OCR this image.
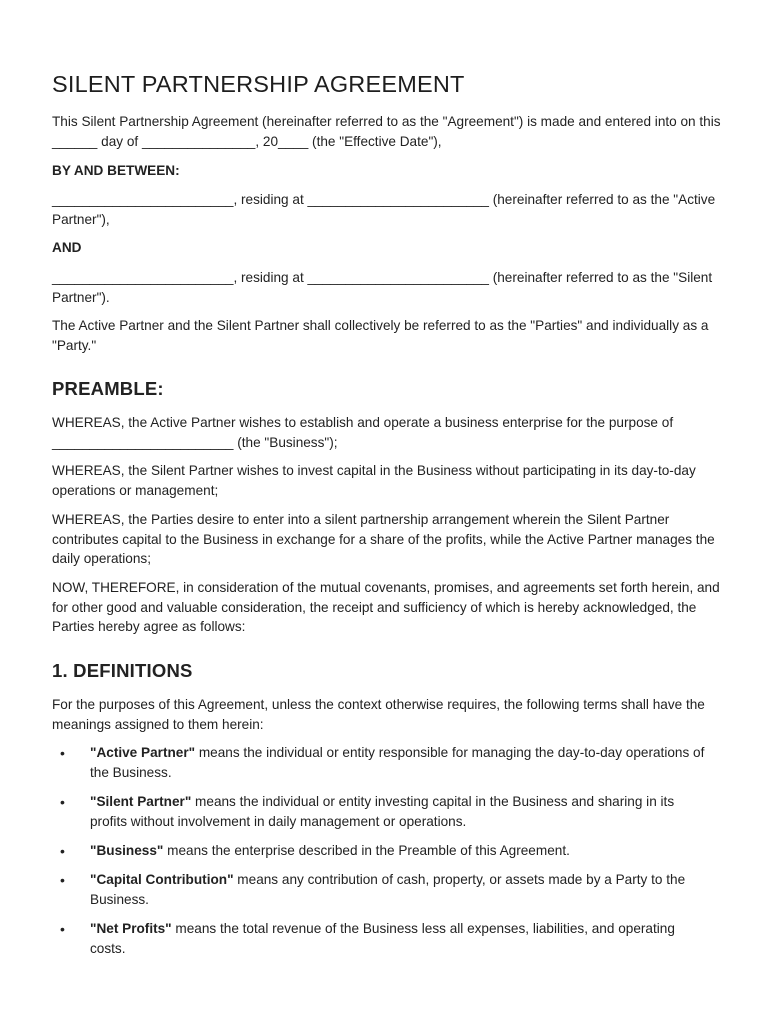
SILENT PARTNERSHIP AGREEMENT

This Silent Partnership Agreement (hereinafter referred to as the "Agreement") is made and entered into on this ______ day of _______________, 20____ (the "Effective Date"),

BY AND BETWEEN:

________________________, residing at ________________________ (hereinafter referred to as the "Active Partner"),

AND

________________________, residing at ________________________ (hereinafter referred to as the "Silent Partner").

The Active Partner and the Silent Partner shall collectively be referred to as the "Parties" and individually as a "Party."

PREAMBLE:

WHEREAS, the Active Partner wishes to establish and operate a business enterprise for the purpose of ________________________ (the "Business");

WHEREAS, the Silent Partner wishes to invest capital in the Business without participating in its day-to-day operations or management;

WHEREAS, the Parties desire to enter into a silent partnership arrangement wherein the Silent Partner contributes capital to the Business in exchange for a share of the profits, while the Active Partner manages the daily operations;

NOW, THEREFORE, in consideration of the mutual covenants, promises, and agreements set forth herein, and for other good and valuable consideration, the receipt and sufficiency of which is hereby acknowledged, the Parties hereby agree as follows:

1. DEFINITIONS

For the purposes of this Agreement, unless the context otherwise requires, the following terms shall have the meanings assigned to them herein:

• "Active Partner" means the individual or entity responsible for managing the day-to-day operations of the Business.
• "Silent Partner" means the individual or entity investing capital in the Business and sharing in its profits without involvement in daily management or operations.
• "Business" means the enterprise described in the Preamble of this Agreement.
• "Capital Contribution" means any contribution of cash, property, or assets made by a Party to the Business.
• "Net Profits" means the total revenue of the Business less all expenses, liabilities, and operating costs.
